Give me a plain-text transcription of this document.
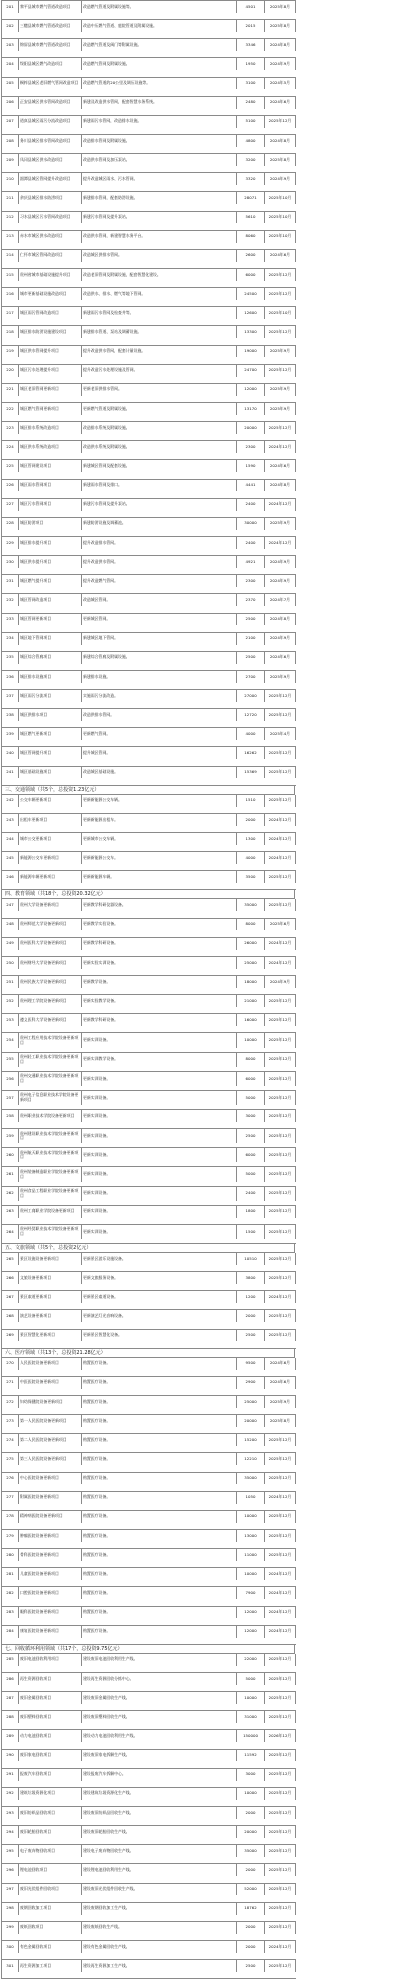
201	黎平县城市燃气管道改造项目	改造燃气管道及附属设施等。	4501	2025年8月
202	三穗县城市燃气管道改造项目	改造中压燃气管道、庭院管道及附属设施。	2015	2025年8月
203	锦屏县城市燃气管道改造项目	改造燃气管道及阀门等附属设施。	3346	2024年8月
204	绥阳县城区燃气改造项目	改造燃气管网及附属设施。	1950	2024年9月
205	桐梓县城区老旧燃气管网改造项目	改造燃气管道约20公里及调压设施等。	3100	2024年5月
206	正安县城区供水管网改造项目	新建及改造供水管网，配套智慧水务系统。	2480	2024年6月
207	道真县城区雨污分流改造项目	新建雨污水管网，改造排水设施。	5100	2025年12月
208	务川县城区排水管网改造项目	改造排水管网及附属设施。	4800	2024年8月
209	凤冈县城区供水改造项目	改造供水管网及加压泵站。	3200	2025年8月
210	湄潭县城区管网提升改造项目	提升改造城区雨水、污水管网。	3320	2024年9月
211	余庆县城区排水防涝项目	新建排水管网，配套防涝设施。	28071	2025年10月
212	习水县城区污水管网改造项目	新建污水管网及提升泵站。	5610	2025年10月
213	赤水市城区供水改造项目	改造供水管网，新建智慧水务平台。	8060	2025年10月
214	仁怀市城区管网改造项目	改造城区供排水管网。	2600	2024年6月
215	贵州省城市基础设施提升项目	改造老旧管网及附属设施，配套智慧化建设。	6000	2025年12月
216	城市更新基础设施改造项目	改造供水、排水、燃气等地下管网。	24500	2025年12月
217	城区雨污管网改造项目	新建雨污水管网及检查井等。	12600	2025年10月
218	城区排水防涝设施建设项目	新建排水管道、泵站及调蓄设施。	13300	2025年12月
219	城区供水管网提升项目	提升改造供水管网，配套计量设施。	19000	2025年9月
220	城区污水处理提升项目	提升改造污水处理设施及管网。	24700	2025年12月
221	城区老旧管网更新项目	更新老旧供排水管网。	12000	2025年9月
222	城区燃气管网更新项目	更新燃气管道及附属设施。	13170	2025年9月
223	城区排水系统改造项目	改造排水系统及附属设施。	20000	2025年12月
224	城区供水系统改造项目	改造供水系统及附属设施。	2300	2024年12月
225	城区管网建设项目	新建城区管网及配套设施。	1590	2024年6月
226	城区雨水管网项目	新建雨水管网及排口。	4441	2024年8月
227	城区污水管网项目	新建污水管网及提升泵站。	2400	2024年12月
228	城区防涝项目	新建防涝设施及调蓄池。	30000	2025年9月
229	城区排水提升项目	提升改造排水管网。	2400	2024年12月
230	城区供水提升项目	提升改造供水管网。	4921	2024年9月
231	城区燃气提升项目	提升改造燃气管网。	2300	2024年9月
232	城区管网改造项目	改造城区管网。	2370	2024年7月
233	城区管网更新项目	更新城区管网。	2500	2024年8月
234	城区地下管网项目	新建城区地下管网。	2100	2024年9月
235	城区综合管廊项目	新建综合管廊及附属设施。	2500	2024年6月
236	城区排水设施项目	新建排水设施。	2700	2025年9月
237	城区雨污分流项目	实施雨污分流改造。	27000	2025年12月
238	城区供排水项目	改造供排水管网。	12720	2025年12月
239	城区燃气更新项目	更新燃气管网。	4000	2025年4月
240	城区管网提升项目	提升城区管网。	16262	2025年12月
241	城区基础设施项目	改造城区基础设施。	15369	2025年12月
三、交通领域（共5个，总投资1.23亿元）
242	公交车辆更新项目	更新新能源公交车辆。	1510	2025年12月
243	出租车更新项目	更新新能源出租车。	2000	2024年12月
244	城市公交更新项目	更新城市公交车辆。	1300	2024年12月
245	新能源公交车更新项目	更新新能源公交车。	4000	2024年12月
246	新能源车辆更新项目	更新新能源车辆。	3500	2025年12月
四、教育领域（共18个，总投资20.32亿元）
247	贵州大学设备更新项目	更新教学科研仪器设备。	35000	2025年12月
248	贵州师范大学设备更新项目	更新教学实验设备。	8000	2025年6月
249	贵州医科大学设备更新项目	更新教学科研设备。	26000	2024年12月
250	贵州财经大学设备更新项目	更新实验实训设备。	25000	2024年12月
251	贵州民族大学设备更新项目	更新教学设备。	18000	2024年9月
252	贵州理工学院设备更新项目	更新实验教学设备。	21000	2025年12月
253	遵义医科大学设备更新项目	更新教学科研设备。	16000	2025年12月
254	贵州工程应用技术学院设备更新项目	更新实训设备。	10000	2025年12月
255	贵州轻工职业技术学院设备更新项目	更新实训教学设备。	8000	2025年12月
256	贵州交通职业技术学院设备更新项目	更新实训设备。	6000	2025年12月
257	贵州电子信息职业技术学院设备更新项目	更新实训设备。	5000	2025年12月
258	贵州职业技术学院设备更新项目	更新实训设备。	3000	2025年12月
259	贵州建设职业技术学院设备更新项目	更新实训设备。	2500	2025年12月
260	贵州航天职业技术学院设备更新项目	更新实训设备。	6000	2025年12月
261	贵州装备制造职业学院设备更新项目	更新实训设备。	5000	2025年12月
262	贵州食品工程职业学院设备更新项目	更新实训设备。	2400	2025年12月
263	贵州工商职业学院设备更新项目	更新实训设备。	1800	2025年12月
264	贵州经贸职业技术学院设备更新项目	更新实训设备。	1500	2025年12月
五、文旅领域（共5个，总投资2亿元）
265	景区设施设备更新项目	更新景区游乐设施设备。	10510	2025年12月
266	文旅设备更新项目	更新文旅服务设备。	3800	2025年12月
267	景区索道更新项目	更新景区索道设备。	1200	2024年12月
268	演艺设备更新项目	更新演艺灯光音响设备。	2000	2025年12月
269	景区智慧化更新项目	更新景区智慧化设备。	2500	2025年12月
六、医疗领域（共13个，总投资21.28亿元）
270	人民医院设备更新项目	购置医疗设备。	9500	2024年6月
271	中医医院设备更新项目	购置医疗设备。	2900	2024年6月
272	妇幼保健院设备更新项目	购置医疗设备。	25000	2025年9月
273	第一人民医院设备更新项目	购置医疗设备。	20000	2025年8月
274	第二人民医院设备更新项目	购置医疗设备。	15200	2025年12月
275	第三人民医院设备更新项目	购置医疗设备。	12210	2025年12月
276	中心医院设备更新项目	购置医疗设备。	35000	2025年12月
277	附属医院设备更新项目	购置医疗设备。	1050	2024年12月
278	精神病医院设备更新项目	购置医疗设备。	10000	2025年12月
279	肿瘤医院设备更新项目	购置医疗设备。	13000	2025年12月
280	骨科医院设备更新项目	购置医疗设备。	11000	2025年12月
281	儿童医院设备更新项目	购置医疗设备。	10000	2024年12月
282	口腔医院设备更新项目	购置医疗设备。	7900	2024年12月
283	眼科医院设备更新项目	购置医疗设备。	12000	2024年12月
284	康复医院设备更新项目	购置医疗设备。	12000	2024年12月
七、回收循环利用领域（共17个，总投资9.75亿元）
285	废旧电池回收利用项目	建设废旧电池回收利用生产线。	22000	2025年12月
286	再生资源回收项目	建设再生资源回收分拣中心。	5000	2025年12月
287	废旧金属回收项目	建设废旧金属回收生产线。	10000	2025年12月
288	废旧塑料回收项目	建设废旧塑料回收生产线。	31000	2025年12月
289	动力电池回收项目	建设动力电池回收利用生产线。	150000	2026年12月
290	废旧家电回收项目	建设废旧家电拆解生产线。	11592	2025年12月
291	报废汽车回收项目	建设报废汽车拆解中心。	3000	2025年12月
292	建筑垃圾资源化项目	建设建筑垃圾资源化生产线。	10000	2025年12月
293	废旧纺织品回收项目	建设废旧纺织品回收生产线。	2000	2025年12月
294	废旧轮胎回收项目	建设废旧轮胎回收生产线。	20000	2025年12月
295	电子废弃物回收项目	建设电子废弃物回收生产线。	35000	2025年12月
296	锂电池回收项目	建设锂电池回收利用生产线。	2000	2025年12月
297	废旧光伏组件回收项目	建设废旧光伏组件回收生产线。	52000	2025年12月
298	废钢回收加工项目	建设废钢回收加工生产线。	18762	2025年12月
299	废纸回收项目	建设废纸回收生产线。	2000	2025年12月
300	有色金属回收项目	建设有色金属回收生产线。	2000	2024年12月
301	再生资源加工项目	建设再生资源加工生产线。	2500	2025年12月
